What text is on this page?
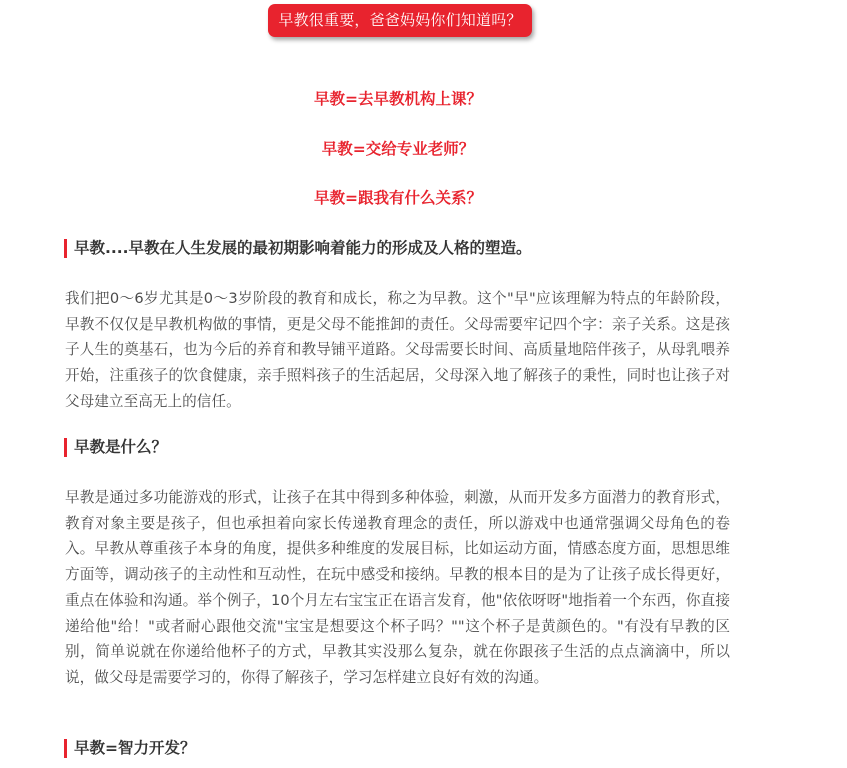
早教很重要，爸爸妈妈你们知道吗？
早教=去早教机构上课？
早教=交给专业老师？
早教=跟我有什么关系？
早教....早教在人生发展的最初期影响着能力的形成及人格的塑造。

我们把0～6岁尤其是0～3岁阶段的教育和成长，称之为早教。这个"早"应该理解为特点的年龄阶段，早教不仅仅是早教机构做的事情，更是父母不能推卸的责任。父母需要牢记四个字：亲子关系。这是孩子人生的奠基石，也为今后的养育和教导铺平道路。父母需要长时间、高质量地陪伴孩子，从母乳喂养开始，注重孩子的饮食健康，亲手照料孩子的生活起居，父母深入地了解孩子的秉性，同时也让孩子对父母建立至高无上的信任。

早教是什么？

早教是通过多功能游戏的形式，让孩子在其中得到多种体验，刺激，从而开发多方面潜力的教育形式，教育对象主要是孩子，但也承担着向家长传递教育理念的责任，所以游戏中也通常强调父母角色的卷入。早教从尊重孩子本身的角度，提供多种维度的发展目标，比如运动方面，情感态度方面，思想思维方面等，调动孩子的主动性和互动性，在玩中感受和接纳。早教的根本目的是为了让孩子成长得更好，重点在体验和沟通。举个例子，10个月左右宝宝正在语言发育，他"依依呀呀"地指着一个东西，你直接递给他"给！"或者耐心跟他交流"宝宝是想要这个杯子吗？""这个杯子是黄颜色的。"有没有早教的区别，简单说就在你递给他杯子的方式，早教其实没那么复杂，就在你跟孩子生活的点点滴滴中，所以说，做父母是需要学习的，你得了解孩子，学习怎样建立良好有效的沟通。

早教=智力开发？
